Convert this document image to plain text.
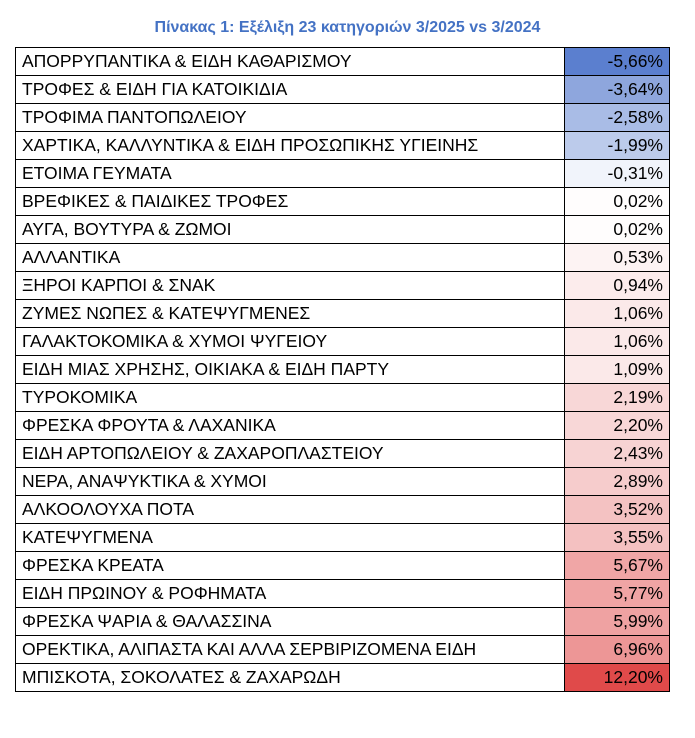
Πίνακας 1: Εξέλιξη 23 κατηγοριών 3/2025 vs 3/2024
ΑΠΟΡΡΥΠΑΝΤΙΚΑ & ΕΙΔΗ ΚΑΘΑΡΙΣΜΟΥ	-5,66%
ΤΡΟΦΕΣ & ΕΙΔΗ ΓΙΑ ΚΑΤΟΙΚΙΔΙΑ	-3,64%
ΤΡΟΦΙΜΑ ΠΑΝΤΟΠΩΛΕΙΟΥ	-2,58%
ΧΑΡΤΙΚΑ, ΚΑΛΛΥΝΤΙΚΑ & ΕΙΔΗ ΠΡΟΣΩΠΙΚΗΣ ΥΓΙΕΙΝΗΣ	-1,99%
ΕΤΟΙΜΑ ΓΕΥΜΑΤΑ	-0,31%
ΒΡΕΦΙΚΕΣ & ΠΑΙΔΙΚΕΣ ΤΡΟΦΕΣ	0,02%
ΑΥΓΑ, ΒΟΥΤΥΡΑ & ΖΩΜΟΙ	0,02%
ΑΛΛΑΝΤΙΚΑ	0,53%
ΞΗΡΟΙ ΚΑΡΠΟΙ & ΣΝΑΚ	0,94%
ΖΥΜΕΣ ΝΩΠΕΣ & ΚΑΤΕΨΥΓΜΕΝΕΣ	1,06%
ΓΑΛΑΚΤΟΚΟΜΙΚΑ & ΧΥΜΟΙ ΨΥΓΕΙΟΥ	1,06%
ΕΙΔΗ ΜΙΑΣ ΧΡΗΣΗΣ, ΟΙΚΙΑΚΑ & ΕΙΔΗ ΠΑΡΤΥ	1,09%
ΤΥΡΟΚΟΜΙΚΑ	2,19%
ΦΡΕΣΚΑ ΦΡΟΥΤΑ & ΛΑΧΑΝΙΚΑ	2,20%
ΕΙΔΗ ΑΡΤΟΠΩΛΕΙΟΥ & ΖΑΧΑΡΟΠΛΑΣΤΕΙΟΥ	2,43%
ΝΕΡΑ, ΑΝΑΨΥΚΤΙΚΑ & ΧΥΜΟΙ	2,89%
ΑΛΚΟΟΛΟΥΧΑ ΠΟΤΑ	3,52%
ΚΑΤΕΨΥΓΜΕΝΑ	3,55%
ΦΡΕΣΚΑ ΚΡΕΑΤΑ	5,67%
ΕΙΔΗ ΠΡΩΙΝΟΥ & ΡΟΦΗΜΑΤΑ	5,77%
ΦΡΕΣΚΑ ΨΑΡΙΑ & ΘΑΛΑΣΣΙΝΑ	5,99%
ΟΡΕΚΤΙΚΑ, ΑΛΙΠΑΣΤΑ ΚΑΙ ΑΛΛΑ ΣΕΡΒΙΡΙΖΟΜΕΝΑ ΕΙΔΗ	6,96%
ΜΠΙΣΚΟΤΑ, ΣΟΚΟΛΑΤΕΣ & ΖΑΧΑΡΩΔΗ	12,20%
